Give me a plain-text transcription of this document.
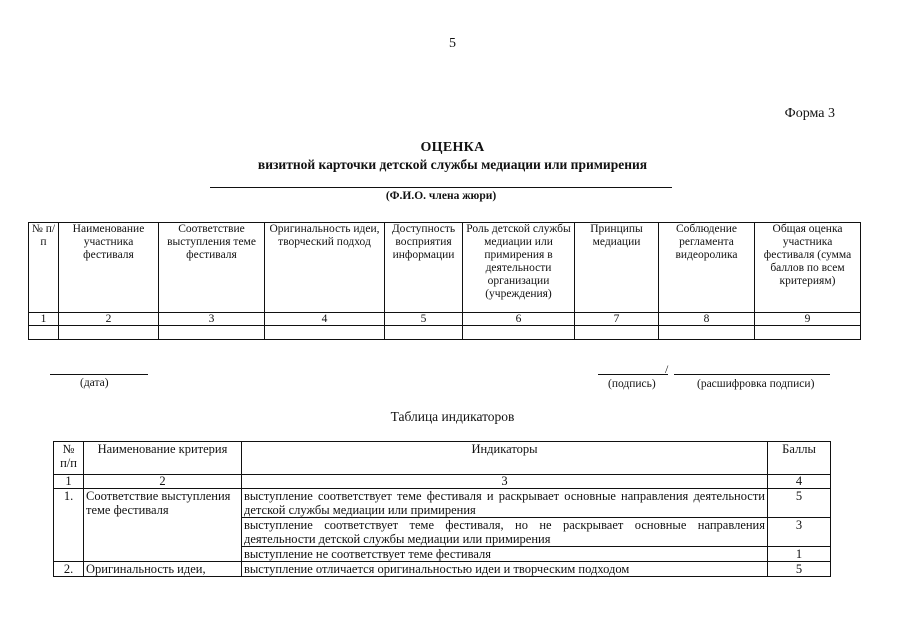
5
Форма 3
ОЦЕНКА
визитной карточки детской службы медиации или примирения
(Ф.И.О. члена жюри)
№ п/п	Наименование участника фестиваля	Соответствие выступления теме фестиваля	Оригинальность идеи, творческий подход	Доступность восприятия информации	Роль детской службы медиации или примирения в деятельности организации (учреждения)	Принципы медиации	Соблюдение регламента видеоролика	Общая оценка участника фестиваля (сумма баллов по всем критериям)
1	2	3	4	5	6	7	8	9

(дата)
/
(подпись)	(расшифровка подписи)
Таблица индикаторов
№ п/п	Наименование критерия	Индикаторы	Баллы
1	2	3	4
1.	Соответствие выступления теме фестиваля	выступление соответствует теме фестиваля и раскрывает основные направления деятельности детской службы медиации или примирения	5
		выступление соответствует теме фестиваля, но не раскрывает основные направления деятельности детской службы медиации или примирения	3
		выступление не соответствует теме фестиваля	1
2.	Оригинальность идеи,	выступление отличается оригинальностью идеи и творческим подходом	5
